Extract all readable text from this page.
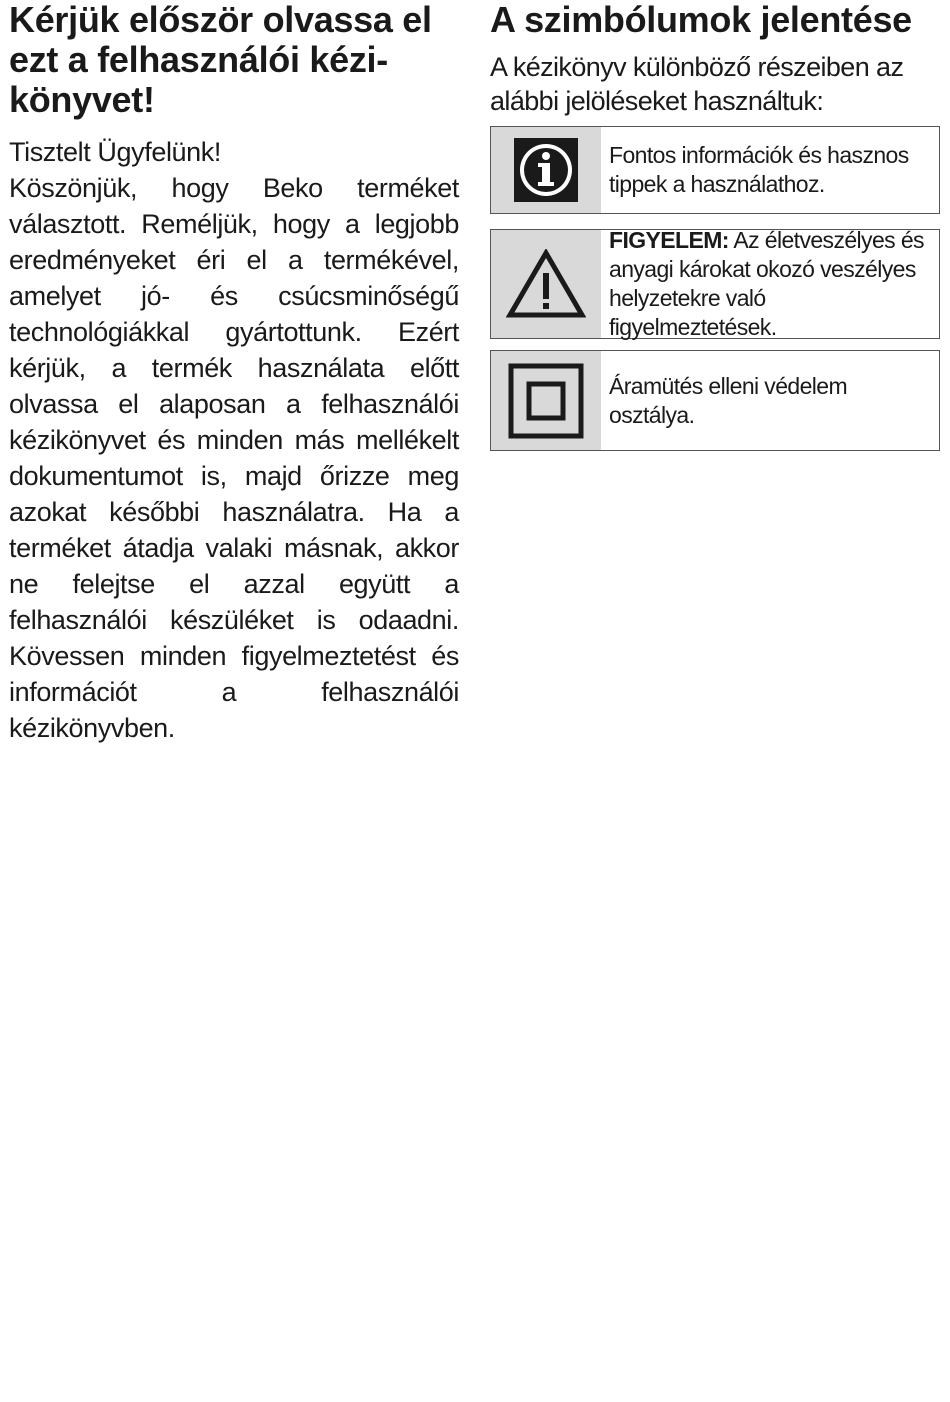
Kérjük először olvassa el ezt a felhasználói kézi-könyvet!

Tisztelt Ügyfelünk!

Köszönjük, hogy Beko terméket választott. Reméljük, hogy a legjobb eredményeket éri el a termékével, amelyet jó- és csúcsminőségű technológiákkal gyártottunk. Ezért kérjük, a termék használata előtt olvassa el alaposan a felhasználói kézikönyvet és minden más mellékelt dokumentumot is, majd őrizze meg azokat későbbi használatra. Ha a terméket átadja valaki másnak, akkor ne felejtse el azzal együtt a felhasználói készüléket is odaadni. Kövessen minden figyelmeztetést és információt a felhasználói kézikönyvben.

A szimbólumok jelentése

A kézikönyv különböző részeiben az alábbi jelöléseket használtuk:

Fontos információk és hasznos tippek a használathoz.
FIGYELEM: Az életveszélyes és anyagi károkat okozó veszélyes helyzetekre való figyelmeztetések.
Áramütés elleni védelem osztálya.
